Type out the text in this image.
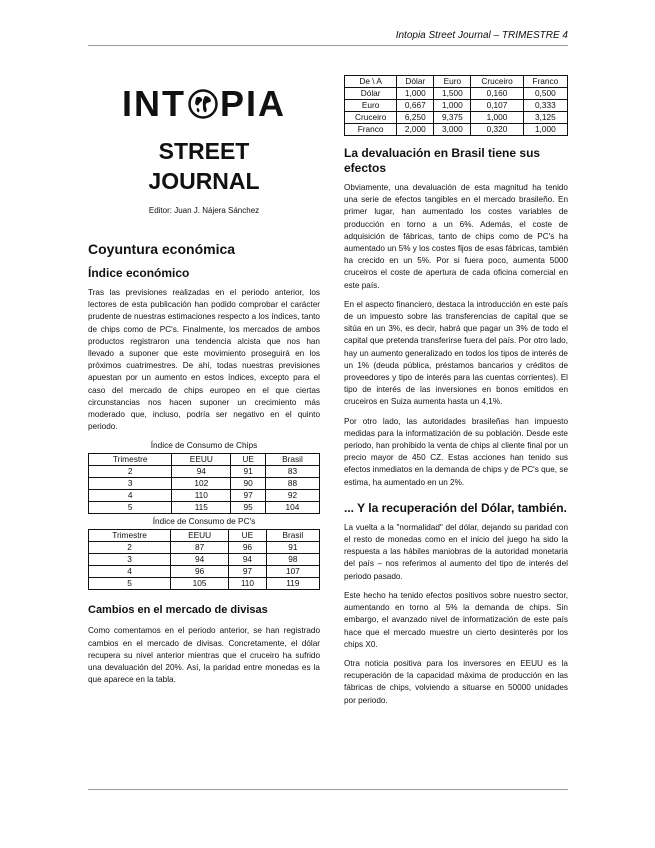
Intopia Street Journal – TRIMESTRE 4
INT PIA
STREET
JOURNAL
Editor: Juan J. Nájera Sánchez
Coyuntura económica
Índice económico

Tras las previsiones realizadas en el periodo anterior, los lectores de esta publicación han podido comprobar el carácter prudente de nuestras estimaciones respecto a los índices, tanto de chips como de PC's. Finalmente, los mercados de ambos productos registraron una tendencia alcista que nos han llevado a suponer que este movimiento proseguirá en los próximos cuatrimestres. De ahí, todas nuestras previsiones apuestan por un aumento en estos índices, excepto para el caso del mercado de chips europeo en el que ciertas circunstancias nos hacen suponer un crecimiento más moderado que, incluso, podría ser negativo en el quinto periodo.

Índice de Consumo de Chips
Trimestre	EEUU	UE	Brasil
2	94	91	83
3	102	90	88
4	110	97	92
5	115	95	104
Índice de Consumo de PC's
Trimestre	EEUU	UE	Brasil
2	87	96	91
3	94	94	98
4	96	97	107
5	105	110	119
Cambios en el mercado de divisas

Como comentamos en el periodo anterior, se han registrado cambios en el mercado de divisas. Concretamente, el dólar recupera su nivel anterior mientras que el cruceiro ha sufrido una devaluación del 20%. Así, la paridad entre monedas es la que aparece en la tabla.

De \ A	Dólar	Euro	Cruceiro	Franco
Dólar	1,000	1,500	0,160	0,500
Euro	0,667	1,000	0,107	0,333
Cruceiro	6,250	9,375	1,000	3,125
Franco	2,000	3,000	0,320	1,000
La devaluación en Brasil tiene sus efectos

Obviamente, una devaluación de esta magnitud ha tenido una serie de efectos tangibles en el mercado brasileño. En primer lugar, han aumentado los costes variables de producción en torno a un 6%. Además, el coste de adquisición de fábricas, tanto de chips como de PC's ha aumentado un 5% y los costes fijos de esas fábricas, también ha crecido en un 5%. Por si fuera poco, aumenta 5000 cruceiros el coste de apertura de cada oficina comercial en este país.

En el aspecto financiero, destaca la introducción en este país de un impuesto sobre las transferencias de capital que se sitúa en un 3%, es decir, habrá que pagar un 3% de todo el capital que pretenda transferirse fuera del país. Por otro lado, hay un aumento generalizado en todos los tipos de interés de un 1% (deuda pública, préstamos bancarios y créditos de proveedores y tipo de interés para las cuentas corrientes). El tipo de interés de las inversiones en bonos emitidos en cruceiros en Suiza aumenta hasta un 4,1%.

Por otro lado, las autoridades brasileñas han impuesto medidas para la informatización de su población. Desde este periodo, han prohibido la venta de chips al cliente final por un precio mayor de 450 CZ. Estas acciones han tenido sus efectos inmediatos en la demanda de chips y de PC's que, se estima, ha aumentado en un 2%.

... Y la recuperación del Dólar, también.

La vuelta a la "normalidad" del dólar, dejando su paridad con el resto de monedas como en el inicio del juego ha sido la respuesta a las hábiles maniobras de la autoridad monetaria del país – nos referimos al aumento del tipo de interés del periodo pasado.

Este hecho ha tenido efectos positivos sobre nuestro sector, aumentando en torno al 5% la demanda de chips. Sin embargo, el avanzado nivel de informatización de este país hace que el mercado muestre un cierto desinterés por los chips X0.

Otra noticia positiva para los inversores en EEUU es la recuperación de la capacidad máxima de producción en las fábricas de chips, volviendo a situarse en 50000 unidades por periodo.
